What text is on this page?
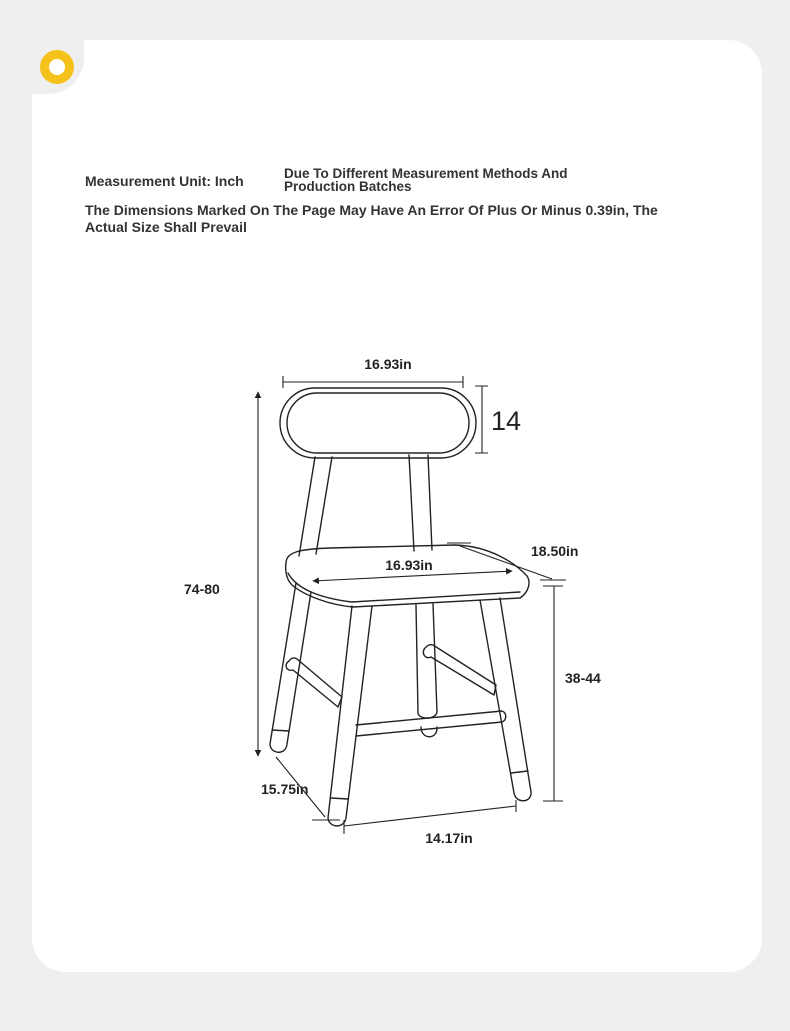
Measurement Unit: Inch	Due To Different Measurement Methods And Production Batches
The Dimensions Marked On The Page May Have An Error Of Plus Or Minus 0.39in, The Actual Size Shall Prevail
16.93in
14
74-80
16.93in
18.50in
38-44
15.75in
14.17in
